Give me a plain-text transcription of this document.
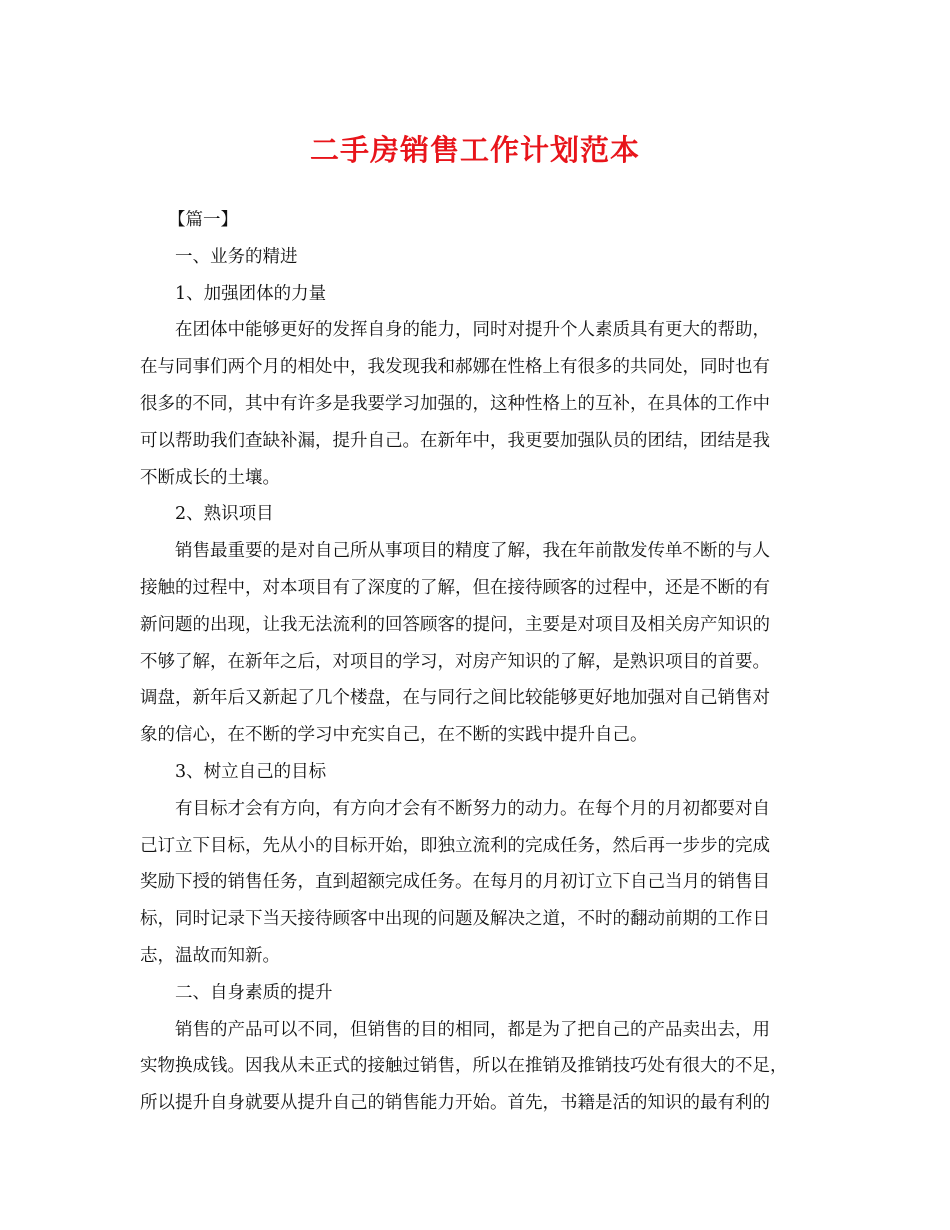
二手房销售工作计划范本
【篇一】
一、业务的精进
1、加强团体的力量
在团体中能够更好的发挥自身的能力，同时对提升个人素质具有更大的帮助，
在与同事们两个月的相处中，我发现我和郝娜在性格上有很多的共同处，同时也有
很多的不同，其中有许多是我要学习加强的，这种性格上的互补，在具体的工作中
可以帮助我们查缺补漏，提升自己。在新年中，我更要加强队员的团结，团结是我
不断成长的土壤。
2、熟识项目
销售最重要的是对自己所从事项目的精度了解，我在年前散发传单不断的与人
接触的过程中，对本项目有了深度的了解，但在接待顾客的过程中，还是不断的有
新问题的出现，让我无法流利的回答顾客的提问，主要是对项目及相关房产知识的
不够了解，在新年之后，对项目的学习，对房产知识的了解，是熟识项目的首要。
调盘，新年后又新起了几个楼盘，在与同行之间比较能够更好地加强对自己销售对
象的信心，在不断的学习中充实自己，在不断的实践中提升自己。
3、树立自己的目标
有目标才会有方向，有方向才会有不断努力的动力。在每个月的月初都要对自
己订立下目标，先从小的目标开始，即独立流利的完成任务，然后再一步步的完成
奖励下授的销售任务，直到超额完成任务。在每月的月初订立下自己当月的销售目
标，同时记录下当天接待顾客中出现的问题及解决之道，不时的翻动前期的工作日
志，温故而知新。
二、自身素质的提升
销售的产品可以不同，但销售的目的相同，都是为了把自己的产品卖出去，用
实物换成钱。因我从未正式的接触过销售，所以在推销及推销技巧处有很大的不足，
所以提升自身就要从提升自己的销售能力开始。首先，书籍是活的知识的最有利的
